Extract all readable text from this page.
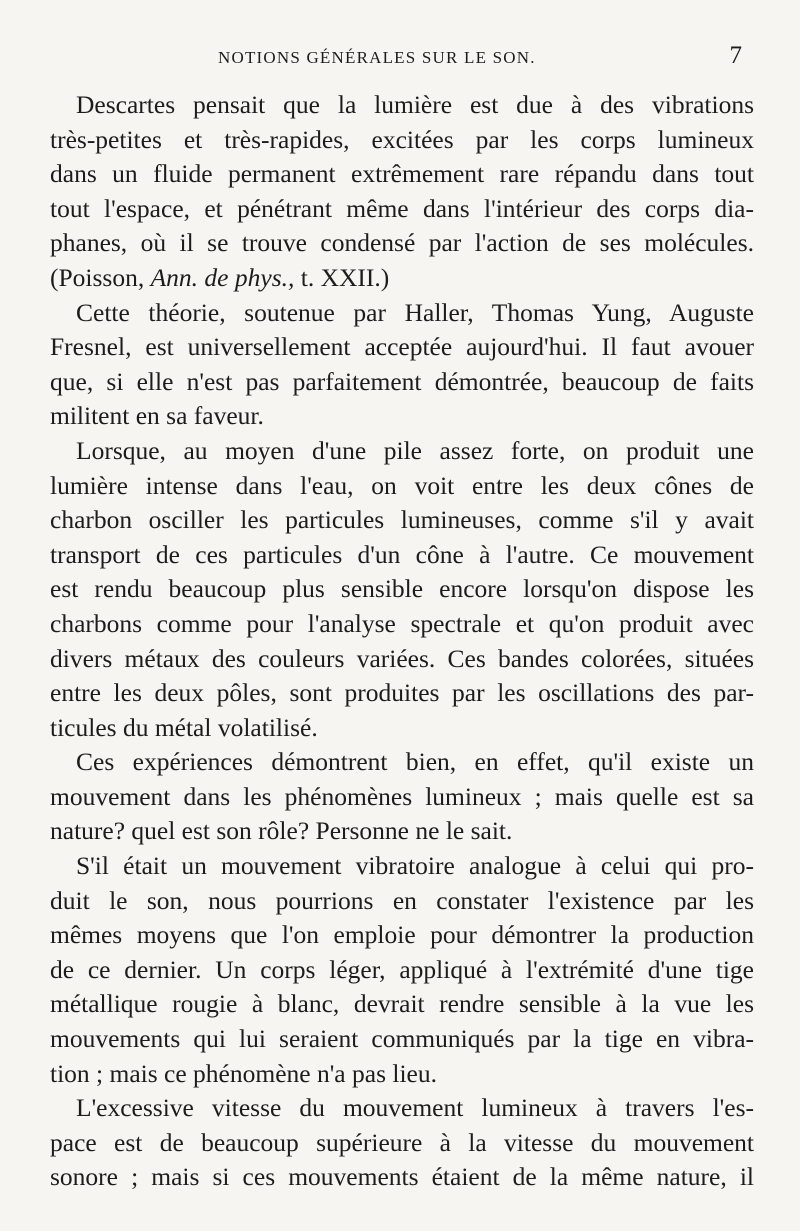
NOTIONS GÉNÉRALES SUR LE SON.	7
Descartes pensait que la lumière est due à des vibrations
très-petites et très-rapides, excitées par les corps lumineux
dans un fluide permanent extrêmement rare répandu dans tout
tout l'espace, et pénétrant même dans l'intérieur des corps dia-
phanes, où il se trouve condensé par l'action de ses molécules.
(Poisson, Ann. de phys., t. XXII.)
Cette théorie, soutenue par Haller, Thomas Yung, Auguste
Fresnel, est universellement acceptée aujourd'hui. Il faut avouer
que, si elle n'est pas parfaitement démontrée, beaucoup de faits
militent en sa faveur.
Lorsque, au moyen d'une pile assez forte, on produit une
lumière intense dans l'eau, on voit entre les deux cônes de
charbon osciller les particules lumineuses, comme s'il y avait
transport de ces particules d'un cône à l'autre. Ce mouvement
est rendu beaucoup plus sensible encore lorsqu'on dispose les
charbons comme pour l'analyse spectrale et qu'on produit avec
divers métaux des couleurs variées. Ces bandes colorées, situées
entre les deux pôles, sont produites par les oscillations des par-
ticules du métal volatilisé.
Ces expériences démontrent bien, en effet, qu'il existe un
mouvement dans les phénomènes lumineux ; mais quelle est sa
nature? quel est son rôle? Personne ne le sait.
S'il était un mouvement vibratoire analogue à celui qui pro-
duit le son, nous pourrions en constater l'existence par les
mêmes moyens que l'on emploie pour démontrer la production
de ce dernier. Un corps léger, appliqué à l'extrémité d'une tige
métallique rougie à blanc, devrait rendre sensible à la vue les
mouvements qui lui seraient communiqués par la tige en vibra-
tion ; mais ce phénomène n'a pas lieu.
L'excessive vitesse du mouvement lumineux à travers l'es-
pace est de beaucoup supérieure à la vitesse du mouvement
sonore ; mais si ces mouvements étaient de la même nature, il
